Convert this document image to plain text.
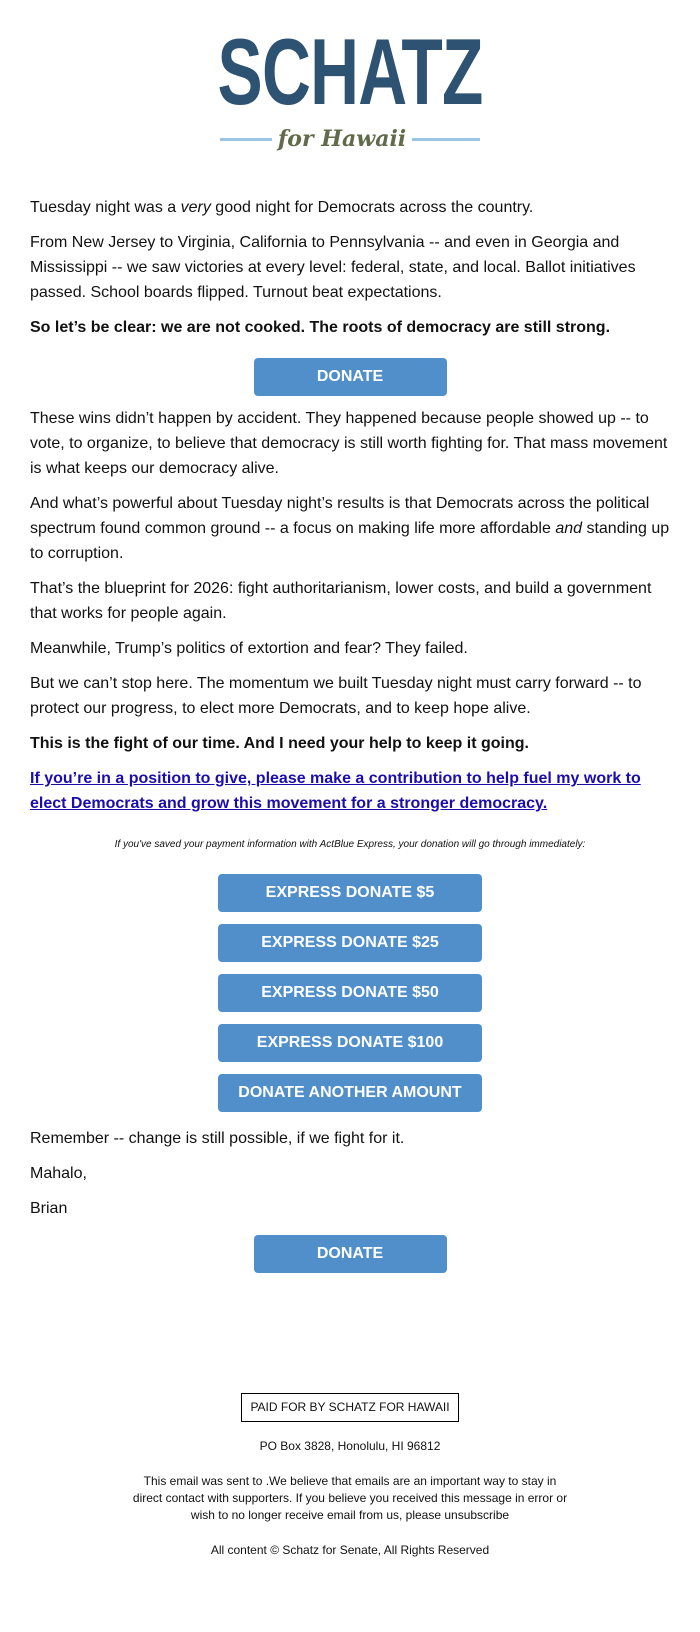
SCHATZ
for Hawaii

Tuesday night was a very good night for Democrats across the country.

From New Jersey to Virginia, California to Pennsylvania -- and even in Georgia and Mississippi -- we saw victories at every level: federal, state, and local. Ballot initiatives passed. School boards flipped. Turnout beat expectations.

So let’s be clear: we are not cooked. The roots of democracy are still strong.

DONATE

These wins didn’t happen by accident. They happened because people showed up -- to vote, to organize, to believe that democracy is still worth fighting for. That mass movement is what keeps our democracy alive.

And what’s powerful about Tuesday night’s results is that Democrats across the political spectrum found common ground -- a focus on making life more affordable and standing up to corruption.

That’s the blueprint for 2026: fight authoritarianism, lower costs, and build a government that works for people again.

Meanwhile, Trump’s politics of extortion and fear? They failed.

But we can’t stop here. The momentum we built Tuesday night must carry forward -- to protect our progress, to elect more Democrats, and to keep hope alive.

This is the fight of our time. And I need your help to keep it going.

If you’re in a position to give, please make a contribution to help fuel my work to elect Democrats and grow this movement for a stronger democracy.

If you've saved your payment information with ActBlue Express, your donation will go through immediately:
EXPRESS DONATE $5
EXPRESS DONATE $25
EXPRESS DONATE $50
EXPRESS DONATE $100
DONATE ANOTHER AMOUNT

Remember -- change is still possible, if we fight for it.

Mahalo,

Brian

DONATE
PAID FOR BY SCHATZ FOR HAWAII
PO Box 3828, Honolulu, HI 96812
This email was sent to .We believe that emails are an important way to stay in direct contact with supporters. If you believe you received this message in error or wish to no longer receive email from us, please unsubscribe
All content © Schatz for Senate, All Rights Reserved
